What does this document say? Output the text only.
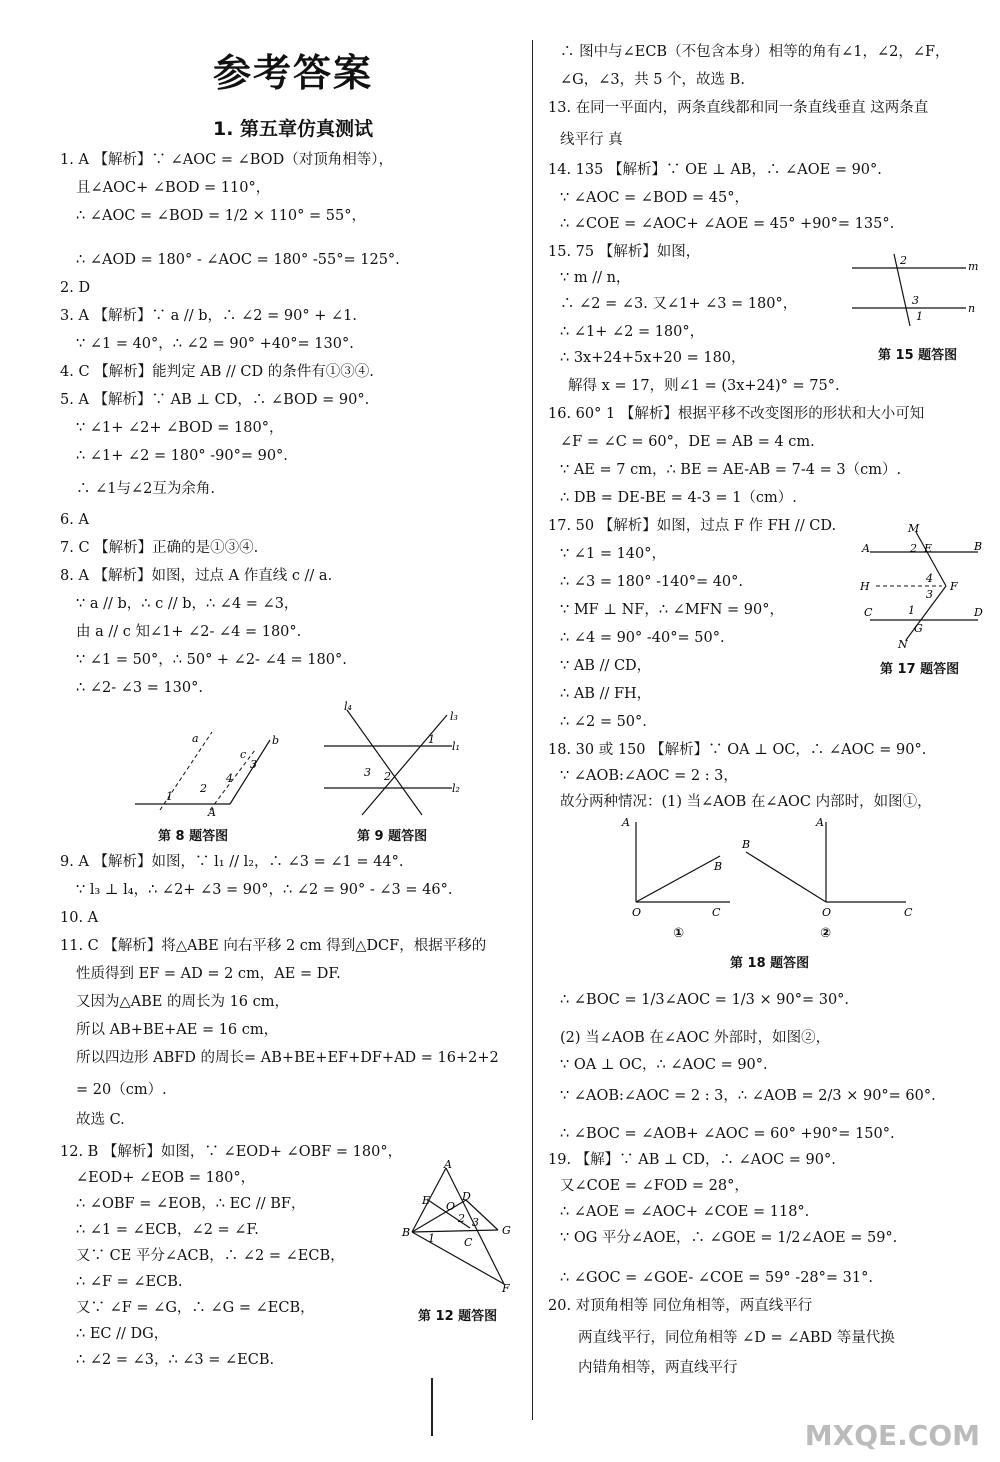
参考答案
1. 第五章仿真测试
1. A 【解析】∵ ∠AOC = ∠BOD（对顶角相等），
且∠AOC+ ∠BOD = 110°，
∴ ∠AOC = ∠BOD = 1/2 × 110° = 55°，
∴ ∠AOD = 180° - ∠AOC = 180° -55°= 125°.
2. D
3. A 【解析】∵ a // b，∴ ∠2 = 90° + ∠1.
∵ ∠1 = 40°，∴ ∠2 = 90° +40°= 130°.
4. C 【解析】能判定 AB // CD 的条件有①③④.
5. A 【解析】∵ AB ⊥ CD，∴ ∠BOD = 90°.
∵ ∠1+ ∠2+ ∠BOD = 180°，
∴ ∠1+ ∠2 = 180° -90°= 90°.
∴ ∠1与∠2互为余角.
6. A
7. C 【解析】正确的是①③④.
8. A 【解析】如图，过点 A 作直线 c // a.
∵ a // b，∴ c // b，∴ ∠4 = ∠3，
由 a // c 知∠1+ ∠2- ∠4 = 180°.
∵ ∠1 = 50°，∴ 50° + ∠2- ∠4 = 180°.
∴ ∠2- ∠3 = 130°.
9. A 【解析】如图，∵ l₁ // l₂，∴ ∠3 = ∠1 = 44°.
∵ l₃ ⊥ l₄，∴ ∠2+ ∠3 = 90°，∴ ∠2 = 90° - ∠3 = 46°.
10. A
11. C 【解析】将△ABE 向右平移 2 cm 得到△DCF，根据平移的
性质得到 EF = AD = 2 cm，AE = DF.
又因为△ABE 的周长为 16 cm，
所以 AB+BE+AE = 16 cm，
所以四边形 ABFD 的周长= AB+BE+EF+DF+AD = 16+2+2
= 20（cm）.
故选 C.
12. B 【解析】如图，∵ ∠EOD+ ∠OBF = 180°，
∠EOD+ ∠EOB = 180°，
∴ ∠OBF = ∠EOB，∴ EC // BF，
∴ ∠1 = ∠ECB，∠2 = ∠F.
又∵ CE 平分∠ACB，∴ ∠2 = ∠ECB，
∴ ∠F = ∠ECB.
又∵ ∠F = ∠G，∴ ∠G = ∠ECB，
∴ EC // DG，
∴ ∠2 = ∠3，∴ ∠3 = ∠ECB.
∴ 图中与∠ECB（不包含本身）相等的角有∠1，∠2，∠F，
∠G，∠3，共 5 个，故选 B.
13. 在同一平面内，两条直线都和同一条直线垂直 这两条直
线平行 真
14. 135 【解析】∵ OE ⊥ AB，∴ ∠AOE = 90°.
∵ ∠AOC = ∠BOD = 45°，
∴ ∠COE = ∠AOC+ ∠AOE = 45° +90°= 135°.
15. 75 【解析】如图，
∵ m // n，
∴ ∠2 = ∠3. 又∠1+ ∠3 = 180°，
∴ ∠1+ ∠2 = 180°，
∴ 3x+24+5x+20 = 180，
解得 x = 17，则∠1 = (3x+24)° = 75°.
16. 60° 1 【解析】根据平移不改变图形的形状和大小可知
∠F = ∠C = 60°，DE = AB = 4 cm.
∵ AE = 7 cm，∴ BE = AE-AB = 7-4 = 3（cm）.
∴ DB = DE-BE = 4-3 = 1（cm）.
17. 50 【解析】如图，过点 F 作 FH // CD.
∵ ∠1 = 140°，
∴ ∠3 = 180° -140°= 40°.
∵ MF ⊥ NF，∴ ∠MFN = 90°，
∴ ∠4 = 90° -40°= 50°.
∵ AB // CD，
∴ AB // FH，
∴ ∠2 = 50°.
18. 30 或 150 【解析】∵ OA ⊥ OC，∴ ∠AOC = 90°.
∵ ∠AOB:∠AOC = 2 : 3，
故分两种情况：(1) 当∠AOB 在∠AOC 内部时，如图①，
∴ ∠BOC = 1/3∠AOC = 1/3 × 90°= 30°.
(2) 当∠AOB 在∠AOC 外部时，如图②，
∵ OA ⊥ OC，∴ ∠AOC = 90°.
∵ ∠AOB:∠AOC = 2 : 3，∴ ∠AOB = 2/3 × 90°= 60°.
∴ ∠BOC = ∠AOB+ ∠AOC = 60° +90°= 150°.
19. 【解】∵ AB ⊥ CD，∴ ∠AOC = 90°.
又∠COE = ∠FOD = 28°，
∴ ∠AOE = ∠AOC+ ∠COE = 118°.
∵ OG 平分∠AOE，∴ ∠GOE = 1/2∠AOE = 59°.
∴ ∠GOC = ∠GOE- ∠COE = 59° -28°= 31°.
20. 对顶角相等 同位角相等，两直线平行
两直线平行，同位角相等 ∠D = ∠ABD 等量代换
内错角相等，两直线平行
1
2
4
3
a
c
b
A
第 8 题答图
l₄
l₃
l₁
l₂
1
2
3
第 9 题答图
A
E O
D
B
C
G
F
1
2 3
第 12 题答图
2
3
1
m
n
第 15 题答图
M
A	2 E	B
H
4
3
F
C	1
G
D
N
第 17 题答图
A
B
O	C
A
B
O	C
①	②
第 18 题答图
MXQE.COM
